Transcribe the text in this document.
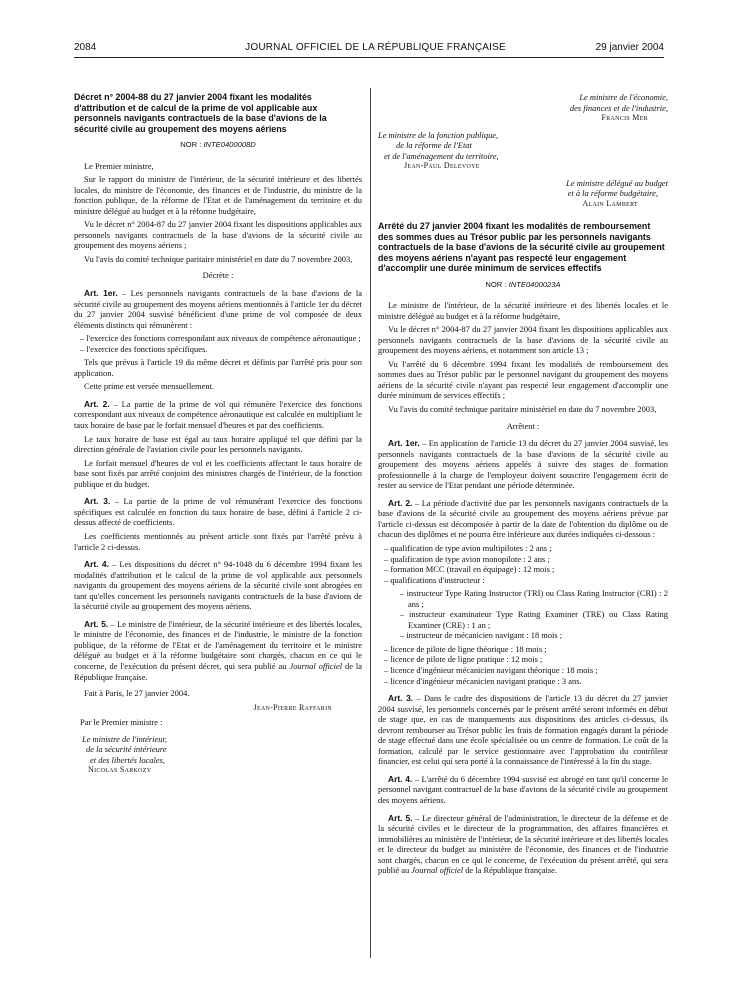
2084	JOURNAL OFFICIEL DE LA RÉPUBLIQUE FRANÇAISE	29 janvier 2004
Décret n° 2004-88 du 27 janvier 2004 fixant les modalités d'attribution et de calcul de la prime de vol applicable aux personnels navigants contractuels de la base d'avions de la sécurité civile au groupement des moyens aériens
NOR : INTE0400008D

Le Premier ministre,

Sur le rapport du ministre de l'intérieur, de la sécurité intérieure et des libertés locales, du ministre de l'économie, des finances et de l'industrie, du ministre de la fonction publique, de la réforme de l'Etat et de l'aménagement du territoire et du ministre délégué au budget et à la réforme budgétaire,

Vu le décret n° 2004-87 du 27 janvier 2004 fixant les dispositions applicables aux personnels navigants contractuels de la base d'avions de la sécurité civile au groupement des moyens aériens ;

Vu l'avis du comité technique paritaire ministériel en date du 7 novembre 2003,

Décrète :

Art. 1er. – Les personnels navigants contractuels de la base d'avions de la sécurité civile au groupement des moyens aériens mentionnés à l'article 1er du décret du 27 janvier 2004 susvisé bénéficient d'une prime de vol composée de deux éléments distincts qui rémunèrent :

– l'exercice des fonctions correspondant aux niveaux de compétence aéronautique ;
– l'exercice des fonctions spécifiques.

Tels que prévus à l'article 19 du même décret et définis par l'arrêté pris pour son application.

Cette prime est versée mensuellement.

Art. 2. – La partie de la prime de vol qui rémunère l'exercice des fonctions correspondant aux niveaux de compétence aéronautique est calculée en multipliant le taux horaire de base par le forfait mensuel d'heures et par des coefficients.

Le taux horaire de base est égal au taux horaire appliqué tel que défini par la direction générale de l'aviation civile pour les personnels navigants.

Le forfait mensuel d'heures de vol et les coefficients affectant le taux horaire de base sont fixés par arrêté conjoint des ministres chargés de l'intérieur, de la fonction publique et du budget.

Art. 3. – La partie de la prime de vol rémunérant l'exercice des fonctions spécifiques est calculée en fonction du taux horaire de base, défini à l'article 2 ci-dessus affecté de coefficients.

Les coefficients mentionnés au présent article sont fixés par l'arrêté prévu à l'article 2 ci-dessus.

Art. 4. – Les dispositions du décret n° 94-1048 du 6 décembre 1994 fixant les modalités d'attribution et le calcul de la prime de vol applicable aux personnels navigants du groupement des moyens aériens de la sécurité civile sont abrogées en tant qu'elles concernent les personnels navigants contractuels de la base d'avions de la sécurité civile au groupement des moyens aériens.

Art. 5. – Le ministre de l'intérieur, de la sécurité intérieure et des libertés locales, le ministre de l'économie, des finances et de l'industrie, le ministre de la fonction publique, de la réforme de l'Etat et de l'aménagement du territoire et le ministre délégué au budget et à la réforme budgétaire sont chargés, chacun en ce qui le concerne, de l'exécution du présent décret, qui sera publié au Journal officiel de la République française.

Fait à Paris, le 27 janvier 2004.

Jean-Pierre Raffarin
Par le Premier ministre :
Le ministre de l'intérieur,
de la sécurité intérieure
et des libertés locales,
Nicolas Sarkozy
Le ministre de l'économie,
des finances et de l'industrie,
Francis Mer
Le ministre de la fonction publique,
de la réforme de l'Etat
et de l'aménagement du territoire,
Jean-Paul Delevoye
Le ministre délégué au budget
et à la réforme budgétaire,
Alain Lambert
Arrêté du 27 janvier 2004 fixant les modalités de remboursement des sommes dues au Trésor public par les personnels navigants contractuels de la base d'avions de la sécurité civile au groupement des moyens aériens n'ayant pas respecté leur engagement d'accomplir une durée minimum de services effectifs
NOR : INTE0400023A

Le ministre de l'intérieur, de la sécurité intérieure et des libertés locales et le ministre délégué au budget et à la réforme budgétaire,

Vu le décret n° 2004-87 du 27 janvier 2004 fixant les dispositions applicables aux personnels navigants contractuels de la base d'avions de la sécurité civile au groupement des moyens aériens, et notamment son article 13 ;

Vu l'arrêté du 6 décembre 1994 fixant les modalités de remboursement des sommes dues au Trésor public par le personnel navigant du groupement des moyens aériens de la sécurité civile n'ayant pas respecté leur engagement d'accomplir une durée minimum de services effectifs ;

Vu l'avis du comité technique paritaire ministériel en date du 7 novembre 2003,

Arrêtent :

Art. 1er. – En application de l'article 13 du décret du 27 janvier 2004 susvisé, les personnels navigants contractuels de la base d'avions de la sécurité civile au groupement des moyens aériens appelés à suivre des stages de formation professionnelle à la charge de l'employeur doivent souscrire l'engagement écrit de rester au service de l'Etat pendant une période déterminée.

Art. 2. – La période d'activité due par les personnels navigants contractuels de la base d'avions de la sécurité civile au groupement des moyens aériens prévue par l'article ci-dessus est décomposée à partir de la date de l'obtention du diplôme ou de chacun des diplômes et ne pourra être inférieure aux durées indiquées ci-dessous :

– qualification de type avion multipilotes : 2 ans ;
– qualification de type avion monopilote : 2 ans ;
– formation MCC (travail en équipage) : 12 mois ;
– qualifications d'instructeur :
– instructeur Type Rating Instructor (TRI) ou Class Rating Instructor (CRI) : 2 ans ;
– instructeur examinateur Type Rating Examiner (TRE) ou Class Rating Examiner (CRE) : 1 an ;
– instructeur de mécanicien navigant : 18 mois ;
– licence de pilote de ligne théorique : 18 mois ;
– licence de pilote de ligne pratique : 12 mois ;
– licence d'ingénieur mécanicien navigant théorique : 18 mois ;
– licence d'ingénieur mécanicien navigant pratique : 3 ans.

Art. 3. – Dans le cadre des dispositions de l'article 13 du décret du 27 janvier 2004 susvisé, les personnels concernés par le présent arrêté seront informés en début de stage que, en cas de manquements aux dispositions des articles ci-dessus, ils devront rembourser au Trésor public les frais de formation engagés durant la période de stage effectué dans une école spécialisée ou un centre de formation. Le coût de la formation, calculé par le service gestionnaire avec l'approbation du contrôleur financier, est celui qui sera porté à la connaissance de l'intéressé à la fin du stage.

Art. 4. – L'arrêté du 6 décembre 1994 susvisé est abrogé en tant qu'il concerne le personnel navigant contractuel de la base d'avions de la sécurité civile au groupement des moyens aériens.

Art. 5. – Le directeur général de l'administration, le directeur de la défense et de la sécurité civiles et le directeur de la programmation, des affaires financières et immobilières au ministère de l'intérieur, de la sécurité intérieure et des libertés locales et le directeur du budget au ministère de l'économie, des finances et de l'industrie sont chargés, chacun en ce qui le concerne, de l'exécution du présent arrêté, qui sera publié au Journal officiel de la République française.
